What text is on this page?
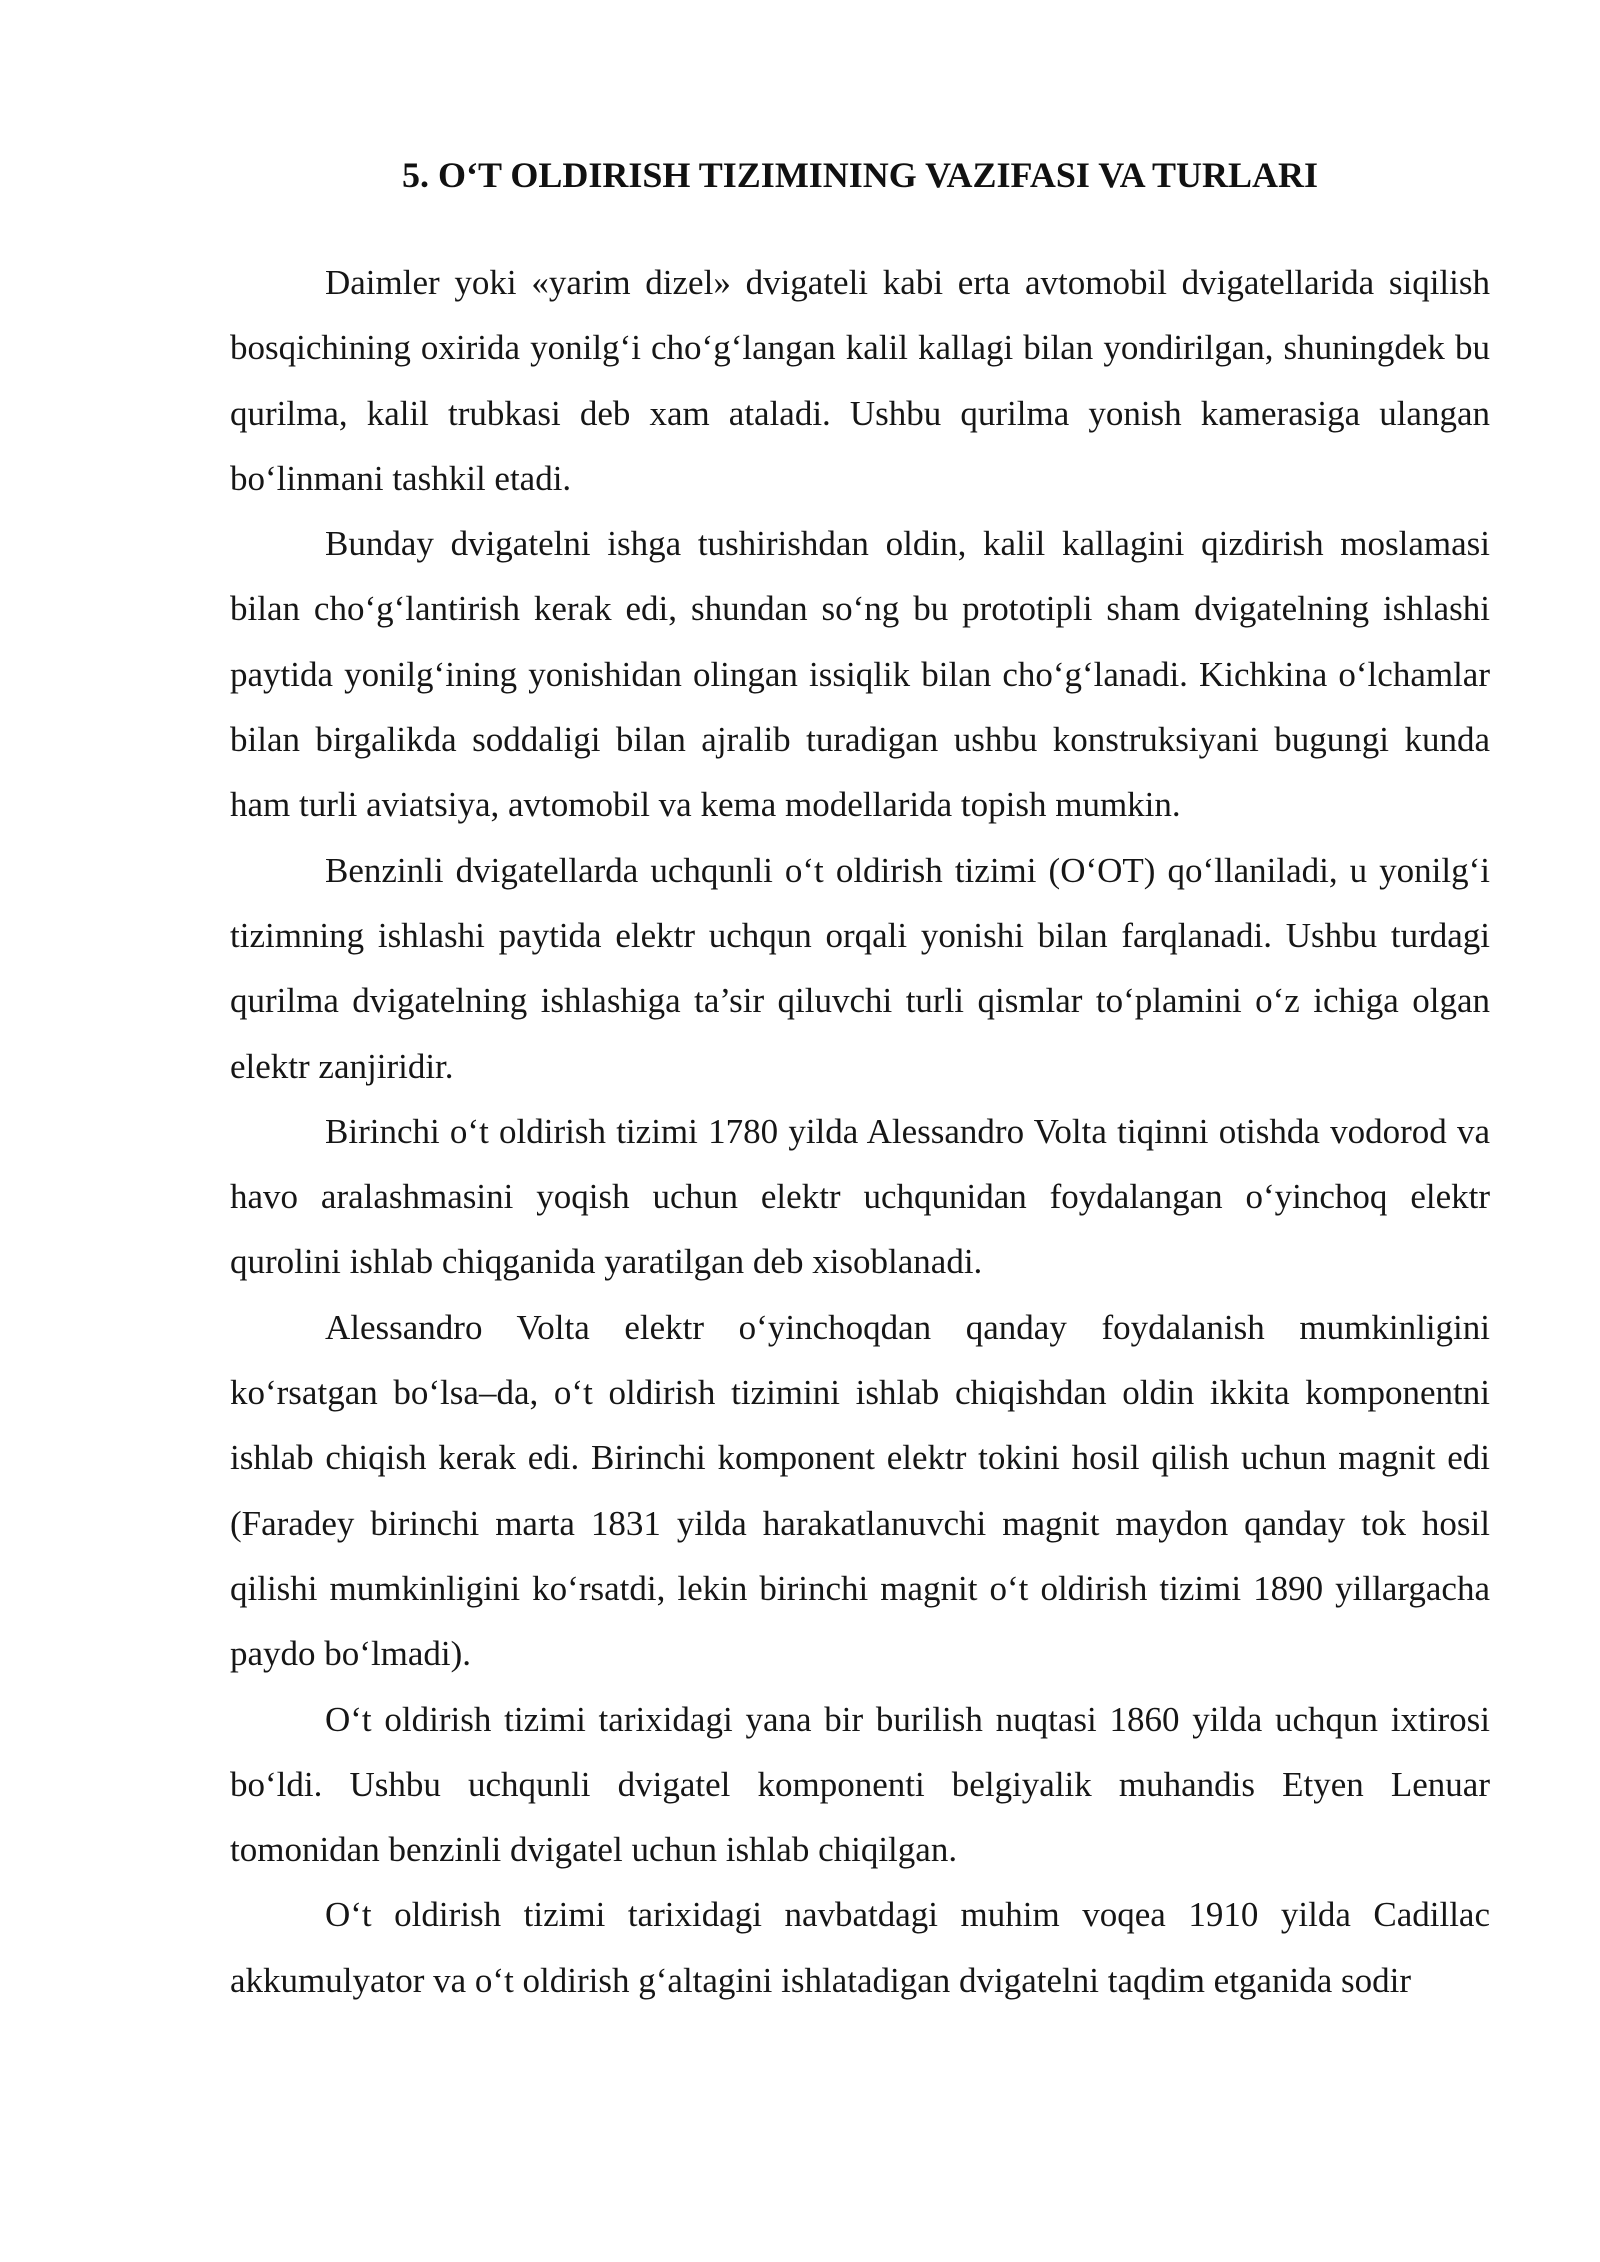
5. O‘T OLDIRISH TIZIMINING VAZIFASI VA TURLARI

Daimler yoki «yarim dizel» dvigateli kabi erta avtomobil dvigatellarida siqilish bosqichining oxirida yonilg‘i cho‘g‘langan kalil kallagi bilan yondirilgan, shuningdek bu qurilma, kalil trubkasi deb xam ataladi. Ushbu qurilma yonish kamerasiga ulangan bo‘linmani tashkil etadi.

Bunday dvigatelni ishga tushirishdan oldin, kalil kallagini qizdirish moslamasi bilan cho‘g‘lantirish kerak edi, shundan so‘ng bu prototipli sham dvigatelning ishlashi paytida yonilg‘ining yonishidan olingan issiqlik bilan cho‘g‘lanadi. Kichkina o‘lchamlar bilan birgalikda soddaligi bilan ajralib turadigan ushbu konstruksiyani bugungi kunda ham turli aviatsiya, avtomobil va kema modellarida topish mumkin.

Benzinli dvigatellarda uchqunli o‘t oldirish tizimi (O‘OT) qo‘llaniladi, u yonilg‘i tizimning ishlashi paytida elektr uchqun orqali yonishi bilan farqlanadi. Ushbu turdagi qurilma dvigatelning ishlashiga ta’sir qiluvchi turli qismlar to‘plamini o‘z ichiga olgan elektr zanjiridir.

Birinchi o‘t oldirish tizimi 1780 yilda Alessandro Volta tiqinni otishda vodorod va havo aralashmasini yoqish uchun elektr uchqunidan foydalangan o‘yinchoq elektr qurolini ishlab chiqganida yaratilgan deb xisoblanadi.

Alessandro Volta elektr o‘yinchoqdan qanday foydalanish mumkinligini ko‘rsatgan bo‘lsa–da, o‘t oldirish tizimini ishlab chiqishdan oldin ikkita komponentni ishlab chiqish kerak edi. Birinchi komponent elektr tokini hosil qilish uchun magnit edi (Faradey birinchi marta 1831 yilda harakatlanuvchi magnit maydon qanday tok hosil qilishi mumkinligini ko‘rsatdi, lekin birinchi magnit o‘t oldirish tizimi 1890 yillargacha paydo bo‘lmadi).

O‘t oldirish tizimi tarixidagi yana bir burilish nuqtasi 1860 yilda uchqun ixtirosi bo‘ldi. Ushbu uchqunli dvigatel komponenti belgiyalik muhandis Etyen Lenuar tomonidan benzinli dvigatel uchun ishlab chiqilgan.

O‘t oldirish tizimi tarixidagi navbatdagi muhim voqea 1910 yilda Cadillac akkumulyator va o‘t oldirish g‘altagini ishlatadigan dvigatelni taqdim etganida sodir
